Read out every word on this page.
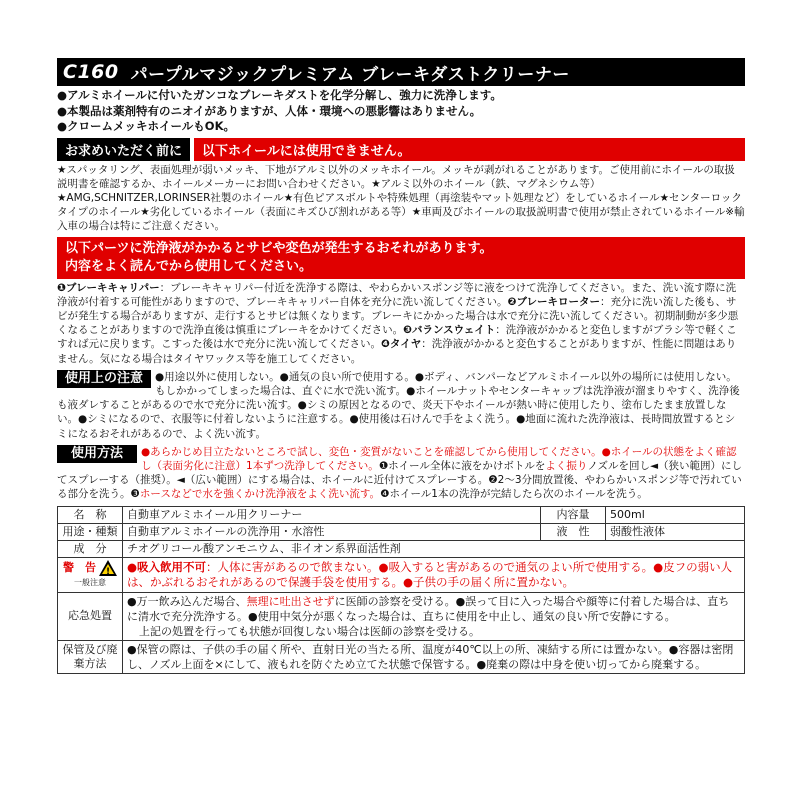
C160 パープルマジックプレミアム ブレーキダストクリーナー
●アルミホイールに付いたガンコなブレーキダストを化学分解し、強力に洗浄します。
●本製品は薬剤特有のニオイがありますが、人体・環境への悪影響はありません。
●クロームメッキホイールもOK。
お求めいただく前に	以下ホイールには使用できません。
★スパッタリング、表面処理が弱いメッキ、下地がアルミ以外のメッキホイール。メッキが剥がれることがあります。ご使用前にホイールの取扱説明書を確認するか、ホイールメーカーにお問い合わせください。★アルミ以外のホイール（鉄、マグネシウム等）★AMG,SCHNITZER,LORINSER社製のホイール★有色ピアスボルトや特殊処理（再塗装やマット処理など）をしているホイール★センターロックタイプのホイール★劣化しているホイール（表面にキズひび割れがある等）★車両及びホイールの取扱説明書で使用が禁止されているホイール※輸入車の場合は特にご注意ください。
以下パーツに洗浄液がかかるとサビや変色が発生するおそれがあります。
内容をよく読んでから使用してください。
❶ブレーキキャリパー：ブレーキキャリパー付近を洗浄する際は、やわらかいスポンジ等に液をつけて洗浄してください。また、洗い流す際に洗浄液が付着する可能性がありますので、ブレーキキャリパー自体を充分に洗い流してください。❷ブレーキローター：充分に洗い流した後も、サビが発生する場合がありますが、走行するとサビは無くなります。ブレーキにかかった場合は水で充分に洗い流してください。初期制動が多少悪くなることがありますので洗浄直後は慎重にブレーキをかけてください。❸バランスウェイト：洗浄液がかかると変色しますがブラシ等で軽くこすれば元に戻ります。こすった後は水で充分に洗い流してください。❹タイヤ：洗浄液がかかると変色することがありますが、性能に問題はありません。気になる場合はタイヤワックス等を施工してください。
使用上の注意	●用途以外に使用しない。●通気の良い所で使用する。●ボディ、バンパーなどアルミホイール以外の場所には使用しない。もしかかってしまった場合は、直ぐに水で洗い流す。●ホイールナットやセンターキャップは洗浄液が溜まりやすく、洗浄後も液ダレすることがあるので水で充分に洗い流す。●シミの原因となるので、炎天下やホイールが熱い時に使用したり、塗布したまま放置しない。●シミになるので、衣服等に付着しないように注意する。●使用後は石けんで手をよく洗う。●地面に流れた洗浄液は、長時間放置するとシミになるおそれがあるので、よく洗い流す。
使用方法	●あらかじめ目立たないところで試し、変色・変質がないことを確認してから使用してください。●ホイールの状態をよく確認し（表面劣化に注意）1本ずつ洗浄してください。❶ホイール全体に液をかけボトルをよく振りノズルを回し◄（狭い範囲）にしてスプレーする（推奨）。◄（広い範囲）にする場合は、ホイールに近付けてスプレーする。❷2～3分間放置後、やわらかいスポンジ等で汚れている部分を洗う。❸ホースなどで水を強くかけ洗浄液をよく洗い流す。❹ホイール1本の洗浄が完結したら次のホイールを洗う。
名　称	自動車アルミホイール用クリーナー	内容量	500ml
用途・種類	自動車アルミホイールの洗浄用・水溶性	液　性	弱酸性液体
成　分	チオグリコール酸アンモニウム、非イオン系界面活性剤		

警　告 !
一般注意	●吸入飲用不可：人体に害があるので飲まない。●吸入すると害があるので通気のよい所で使用する。●皮フの弱い人は、かぶれるおそれがあるので保護手袋を使用する。●子供の手の届く所に置かない。		
応急処置	●万一飲み込んだ場合、無理に吐出させずに医師の診察を受ける。●誤って目に入った場合や顔等に付着した場合は、直ちに清水で充分洗浄する。●使用中気分が悪くなった場合は、直ちに使用を中止し、通気の良い所で安静にする。
上記の処置を行っても状態が回復しない場合は医師の診察を受ける。		

保管及び廃棄方法	●保管の際は、子供の手の届く所や、直射日光の当たる所、温度が40℃以上の所、凍結する所には置かない。●容器は密閉し、ノズル上面を×にして、液もれを防ぐため立てた状態で保管する。●廃棄の際は中身を使い切ってから廃棄する。		
